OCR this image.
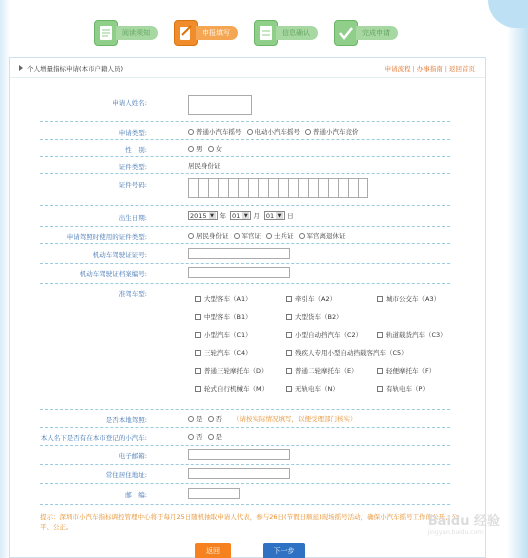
阅读须知	申报填写	信息确认	完成申请
个人增量指标申请(本市户籍人员)	申请流程 | 办事指南 | 返回首页
申请人姓名:
申请类型:	普通小汽车摇号 电动小汽车摇号 普通小汽车竞价
性　别:	男 女
证件类型:	居民身份证
证件号码:
出生日期:	2015 ▼ 年 01 ▼ 月 01 ▼ 日
申请驾照时使用的证件类型:	居民身份证 军官证 士兵证 军官离退休证
机动车驾驶证证号:
机动车驾驶证档案编号:
准驾车型:
大型客车（A1）	牵引车（A2）	城市公交车（A3）
中型客车（B1）	大型货车（B2）
小型汽车（C1）	小型自动挡汽车（C2）	轨道载货汽车（C3）
三轮汽车（C4）	残疾人专用小型自动挡载客汽车（C5）
普通三轮摩托车（D）	普通二轮摩托车（E）	轻便摩托车（F）
轮式自行机械车（M）	无轨电车（N）	有轨电车（P）
是否本地驾照:	是 否 （请按实际情况填写，以便受理部门核实）
本人名下是否有在本市登记的小汽车:	否 是
电子邮箱:
常住居住地址:
邮　编:
提示：深圳市小汽车指标调控管理中心将于每月25日随机抽取申请人代表，参与26日(节假日顺延)现场摇号活动，确保小汽车摇号工作的公开、公平、公正。
返回	下一步
Baidu 经验
jingyan.baidu.com
